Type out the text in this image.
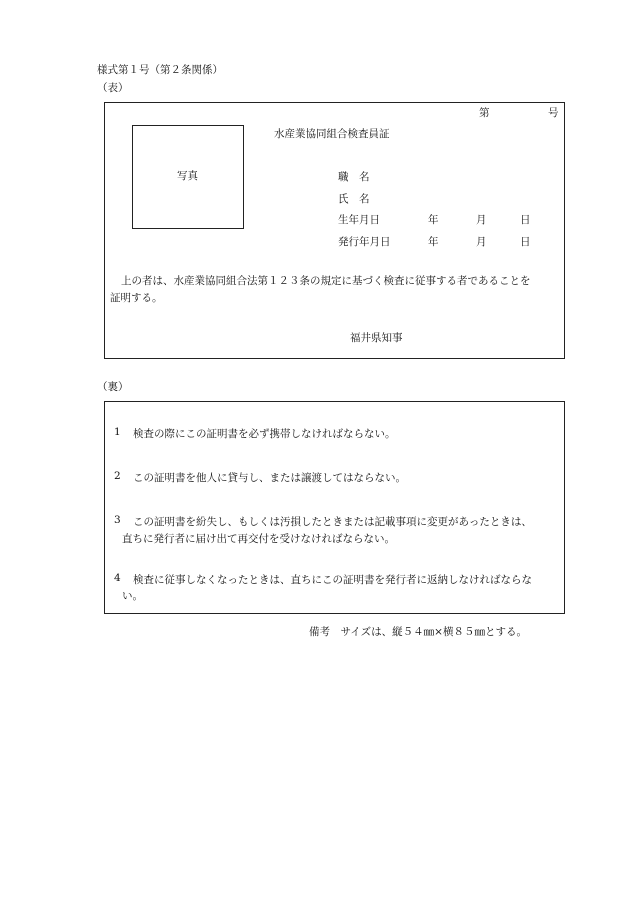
様式第１号（第２条関係）
（表）
第	号
写真
水産業協同組合検査員証
職　名
氏　名
生年月日	年	月	日
発行年月日	年	月	日
上の者は、水産業協同組合法第１２３条の規定に基づく検査に従事する者であることを
証明する。
福井県知事
（裏）
1 検査の際にこの証明書を必ず携帯しなければならない。
2 この証明書を他人に貸与し、または譲渡してはならない。
3 この証明書を紛失し、もしくは汚損したときまたは記載事項に変更があったときは、
直ちに発行者に届け出て再交付を受けなければならない。
4 検査に従事しなくなったときは、直ちにこの証明書を発行者に返納しなければならな
い。
備考　サイズは、縦５４㎜×横８５㎜とする。
